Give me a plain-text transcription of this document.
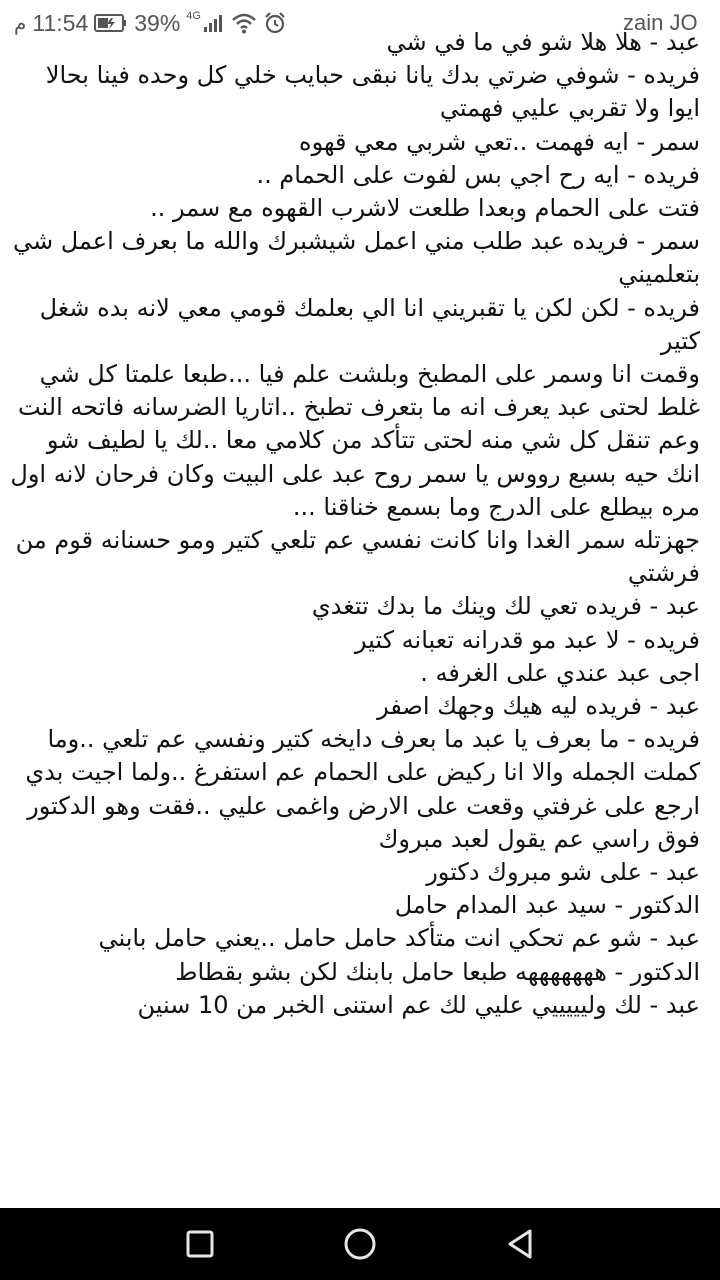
م 11:54 39% 4G	zain JO
عبد - هلا هلا شو في ما في شي
فريده - شوفي ضرتي بدك يانا نبقى حبايب خلي كل وحده فينا بحالا ايوا ولا تقربي عليي فهمتي
سمر - ايه فهمت ..تعي شربي معي قهوه
فريده - ايه رح اجي بس لفوت على الحمام ..
فتت على الحمام وبعدا طلعت لاشرب القهوه مع سمر ..
سمر - فريده عبد طلب مني اعمل شيشبرك والله ما بعرف اعمل شي بتعلميني
فريده - لكن لكن يا تقبريني انا الي بعلمك قومي معي لانه بده شغل كتير
وقمت انا وسمر على المطبخ وبلشت علم فيا ...طبعا علمتا كل شي غلط لحتى عبد يعرف انه ما بتعرف تطبخ ..اتاريا الضرسانه فاتحه النت وعم تنقل كل شي منه لحتى تتأكد من كلامي معا ..لك يا لطيف شو انك حيه بسبع رووس يا سمر روح عبد على البيت وكان فرحان لانه اول مره بيطلع على الدرج وما بسمع خناقنا ...
جهزتله سمر الغدا وانا كانت نفسي عم تلعي كتير ومو حسنانه قوم من فرشتي
عبد - فريده تعي لك وينك ما بدك تتغدي
فريده - لا عبد مو قدرانه تعبانه كتير
اجى عبد عندي على الغرفه .
عبد - فريده ليه هيك وجهك اصفر
فريده - ما بعرف يا عبد ما بعرف دايخه كتير ونفسي عم تلعي ..وما كملت الجمله والا انا ركيض على الحمام عم استفرغ ..ولما اجيت بدي ارجع على غرفتي وقعت على الارض واغمى عليي ..فقت وهو الدكتور فوق راسي عم يقول لعبد مبروك
عبد - على شو مبروك دكتور
الدكتور - سيد عبد المدام حامل
عبد - شو عم تحكي انت متأكد حامل حامل ..يعني حامل بابني
الدكتور - هههههههه طبعا حامل بابنك لكن بشو بقطاط
عبد - لك وليييييي عليي لك عم استنى الخبر من 10 سنين
